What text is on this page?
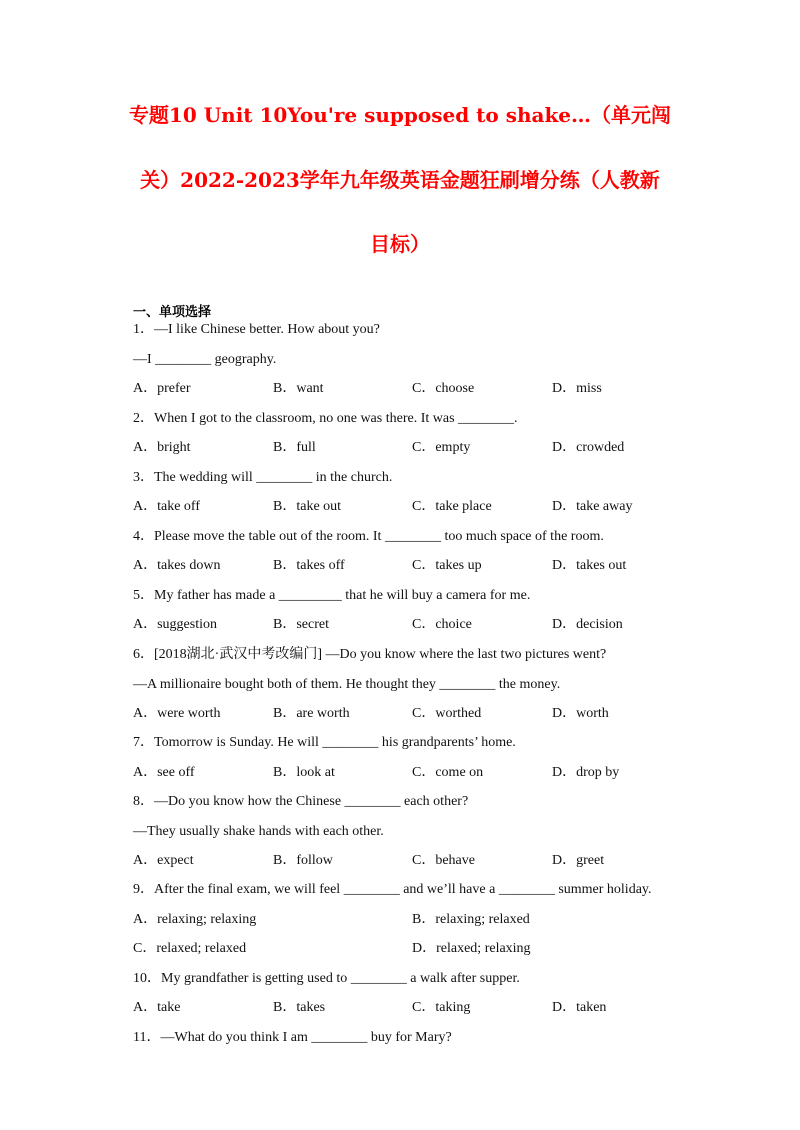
专题10 Unit 10You're supposed to shake…（单元闯
关）2022-2023学年九年级英语金题狂刷增分练（人教新
目标）
一、单项选择
1．—I like Chinese better. How about you?
—I ________ geography.
A．prefer	B．want	C．choose	D．miss
2．When I got to the classroom, no one was there. It was ________.
A．bright	B．full	C．empty	D．crowded
3．The wedding will ________ in the church.
A．take off	B．take out	C．take place	D．take away
4．Please move the table out of the room. It ________ too much space of the room.
A．takes down	B．takes off	C．takes up	D．takes out
5．My father has made a _________ that he will buy a camera for me.
A．suggestion	B．secret	C．choice	D．decision
6．[2018湖北·武汉中考改编门] —Do you know where the last two pictures went?
—A millionaire bought both of them. He thought they ________ the money.
A．were worth	B．are worth	C．worthed	D．worth
7．Tomorrow is Sunday. He will ________ his grandparents’ home.
A．see off	B．look at	C．come on	D．drop by
8．—Do you know how the Chinese ________ each other?
—They usually shake hands with each other.
A．expect	B．follow	C．behave	D．greet
9．After the final exam, we will feel ________ and we’ll have a ________ summer holiday.
A．relaxing; relaxing	B．relaxing; relaxed
C．relaxed; relaxed	D．relaxed; relaxing
10．My grandfather is getting used to ________ a walk after supper.
A．take	B．takes	C．taking	D．taken
11．—What do you think I am ________ buy for Mary?
